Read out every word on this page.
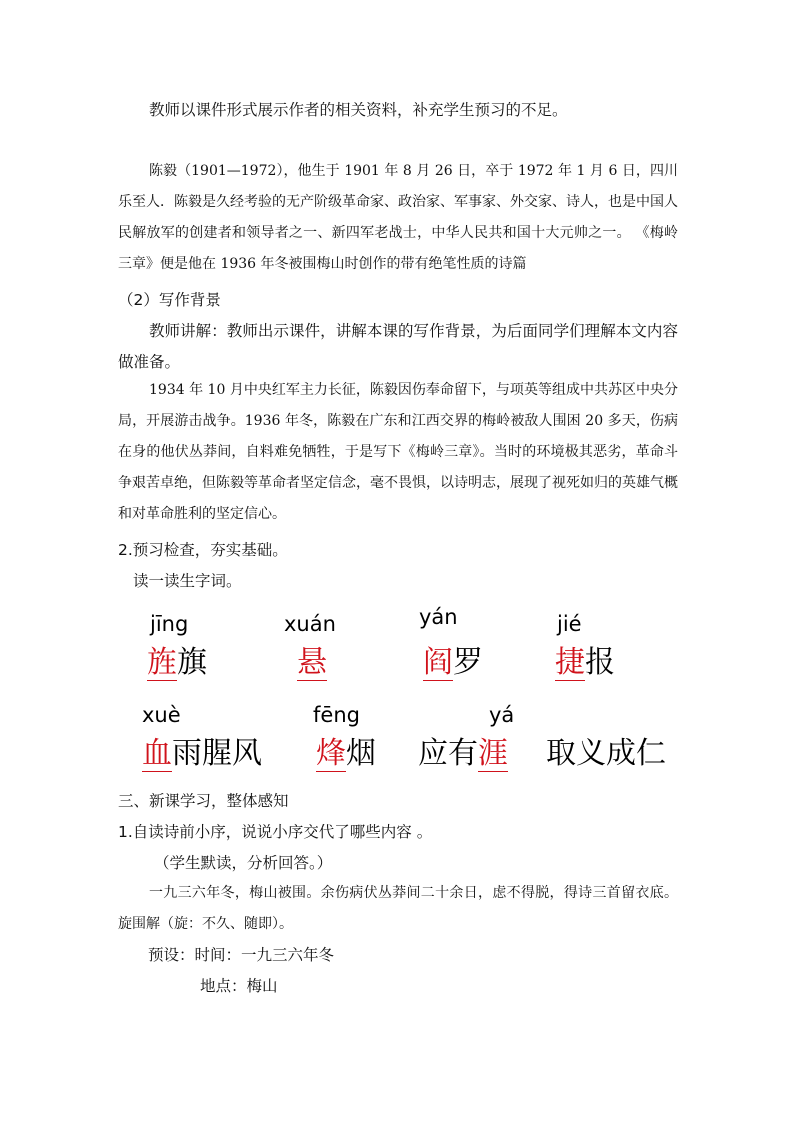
教师以课件形式展示作者的相关资料，补充学生预习的不足。

陈毅（1901—1972），他生于 1901 年 8 月 26 日，卒于 1972 年 1 月 6 日，四川乐至人．陈毅是久经考验的无产阶级革命家、政治家、军事家、外交家、诗人，也是中国人民解放军的创建者和领导者之一、新四军老战士，中华人民共和国十大元帅之一。 《梅岭三章》便是他在 1936 年冬被围梅山时创作的带有绝笔性质的诗篇

（2）写作背景

教师讲解：教师出示课件，讲解本课的写作背景，为后面同学们理解本文内容做准备。

1934 年 10 月中央红军主力长征，陈毅因伤奉命留下，与项英等组成中共苏区中央分局，开展游击战争。1936 年冬，陈毅在广东和江西交界的梅岭被敌人围困 20 多天，伤病在身的他伏丛莽间，自料难免牺牲，于是写下《梅岭三章》。当时的环境极其恶劣，革命斗争艰苦卓绝，但陈毅等革命者坚定信念，毫不畏惧，以诗明志，展现了视死如归的英雄气概和对革命胜利的坚定信心。

2.预习检查，夯实基础。
读一读生字词。
jīng
旌旗
xuán
悬
yán
阎罗
jié
捷报
xuè
血雨腥风
fēng
烽烟
yá
应有涯 取义成仁
三、新课学习，整体感知
1.自读诗前小序，说说小序交代了哪些内容 。
（学生默读，分析回答。）

一九三六年冬，梅山被围。余伤病伏丛莽间二十余日，虑不得脱，得诗三首留衣底。旋围解（旋：不久、随即）。

预设：时间：一九三六年冬
地点：梅山
